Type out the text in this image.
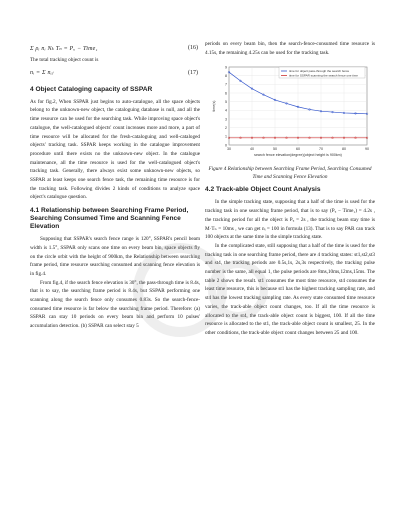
Σ ρᵢ nᵢ Nₖ Tₙ = Pᵤ − Time₁	(16)

The total tracking object count is

nᵢ = Σ nᵢⱼ	(17)
4 Object Cataloging capacity of SSPAR

As for fig.2, When SSPAR just begins to auto-catalogue, all the space objects belong to the unknown-new object, the cataloguing database is null, and all the time resource can be used for the searching task. While improving space object's catalogue, the well-catalogued objects' count increases more and more, a part of time resource will be allocated for the fresh-cataloguing and well-cataloged objects' tracking task. SSPAR keeps working in the catalogue improvement procedure until there exists no the unknown-new object. In the catalogue maintenance, all the time resource is used for the well-catalogued object's tracking task. Generally, there always exist some unknown-new objects, so SSPAR at least keeps one search fence task, the remaining time resource is for the tracking task. Following divides 2 kinds of conditions to analyze space object's catalogue question.

4.1 Relationship between Searching Frame Period, Searching Consumed Time and Scanning Fence Elevation

Supposing that SSPAR's search fence range is 120°, SSPAR's pencil beam width is 1.5°, SSPAR only scans one time on every beam bin, space objects fly on the circle orbit with the height of 900km, the Relationship between searching frame period, time resource searching consumed and scanning fence elevation is in fig.4.

From fig.4, if the search fence elevation is 30°, the pass-through time is 8.4s, that is to say, the searching frame period is 8.4s, but SSPAR performing one scanning along the search fence only consumes 0.83s. So the search-fence-consumed time resource is far below the searching frame period. Therefore: (a) SSPAR can stay 10 periods on every beam bin and perform 10 pulses' accumulation detection. (b) SSPAR can select stay 5

periods on every beam bin, then the search-fence-consumed time resource is 4.15s, the remaining 4.25s can be used for the tracking task.

0
1
2
3
4
5
6
7
8
9
30	40	50	60	70	80	90
time for object pass-through the search fence
time for SSPAR scanning the search fence one time
time(s)
search fence elevation(degree)(object height is 900km)

Figure 4 Relationship between Searching Frame Period, Searching Consumed Time and Scanning Fence Elevation

4.2 Track-able Object Count Analysis

In the simple tracking state, supposing that a half of the time is used for the tracking task in one searching frame period, that is to say (Pᵤ − Time₁) = 4.2s , the tracking period for all the object is Pᵤ = 2s , the tracking beam stay time is M·Tₙ = 10ms , we can get nᵢ = 100 in formula (13). That is to say PAR can track 100 objects at the same time in the simple tracking state.

In the complicated state, still supposing that a half of the time is used for the tracking task in one searching frame period, there are 4 tracking states: st1,st2,st3 and st4, the tracking periods are 0.5s,1s, 2s,3s respectively, the tracking pulse number is the same, all equal 1, the pulse periods are 8ms,10ms,12ms,15ms. The table 2 shows the result. st1 consumes the most time resource, st4 consumes the least time resource, this is because st1 has the highest tracking sampling rate, and st4 has the lowest tracking sampling rate. As every state consumed time resource varies, the track-able object count changes, too. If all the time resource is allocated to the st4, the track-able object count is biggest, 100. If all the time resource is allocated to the st1, the track-able object count is smallest, 25. In the other conditions, the track-able object count changes between 25 and 100.
